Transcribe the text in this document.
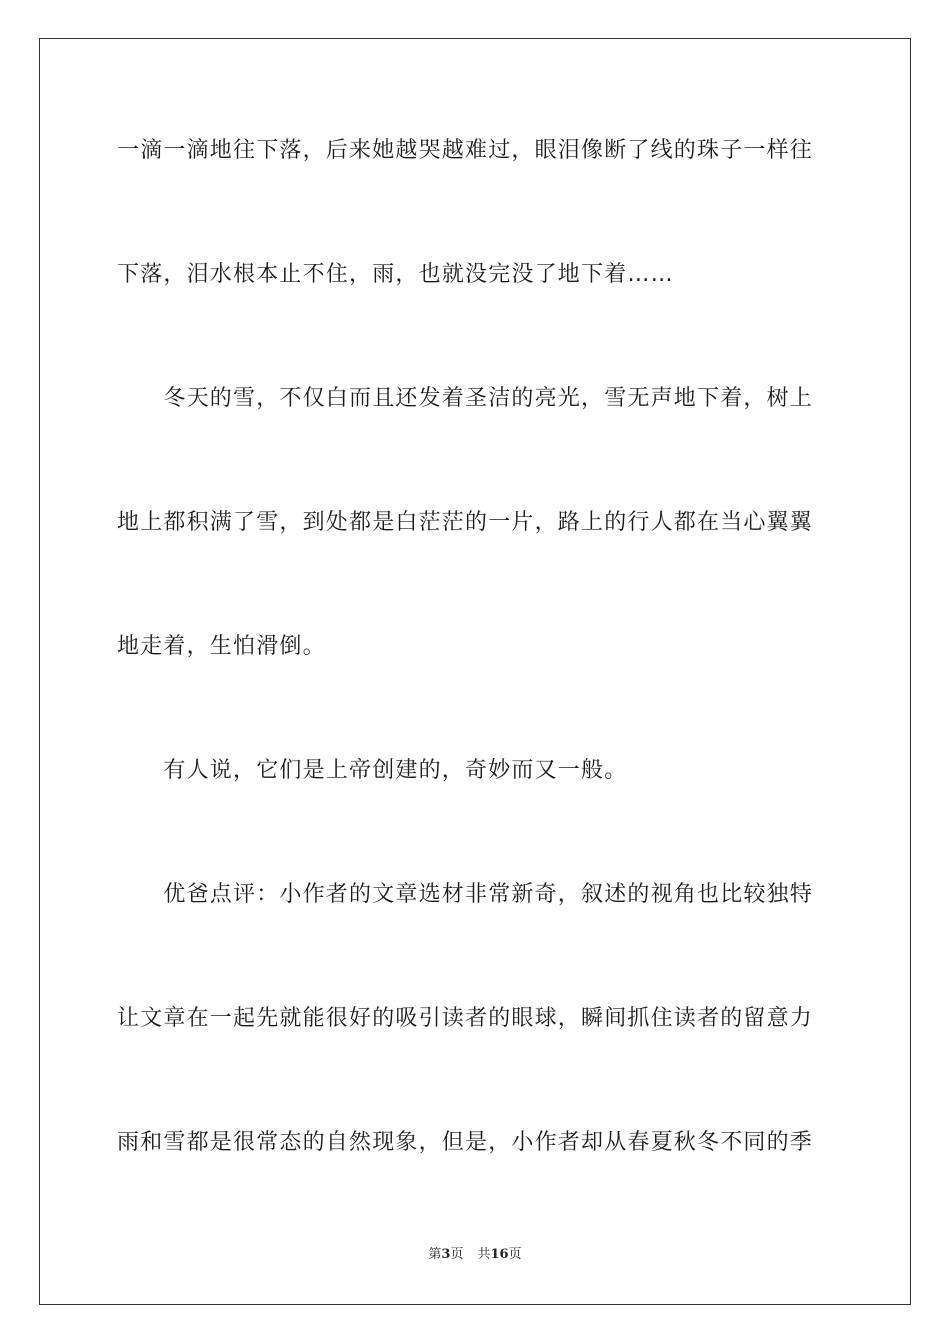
一滴一滴地往下落，后来她越哭越难过，眼泪像断了线的珠子一样往
下落，泪水根本止不住，雨，也就没完没了地下着……
　　冬天的雪，不仅白而且还发着圣洁的亮光，雪无声地下着，树上
地上都积满了雪，到处都是白茫茫的一片，路上的行人都在当心翼翼
地走着，生怕滑倒。
　　有人说，它们是上帝创建的，奇妙而又一般。
　　优爸点评：小作者的文章选材非常新奇，叙述的视角也比较独特
让文章在一起先就能很好的吸引读者的眼球，瞬间抓住读者的留意力
雨和雪都是很常态的自然现象，但是，小作者却从春夏秋冬不同的季
第3页 共16页
